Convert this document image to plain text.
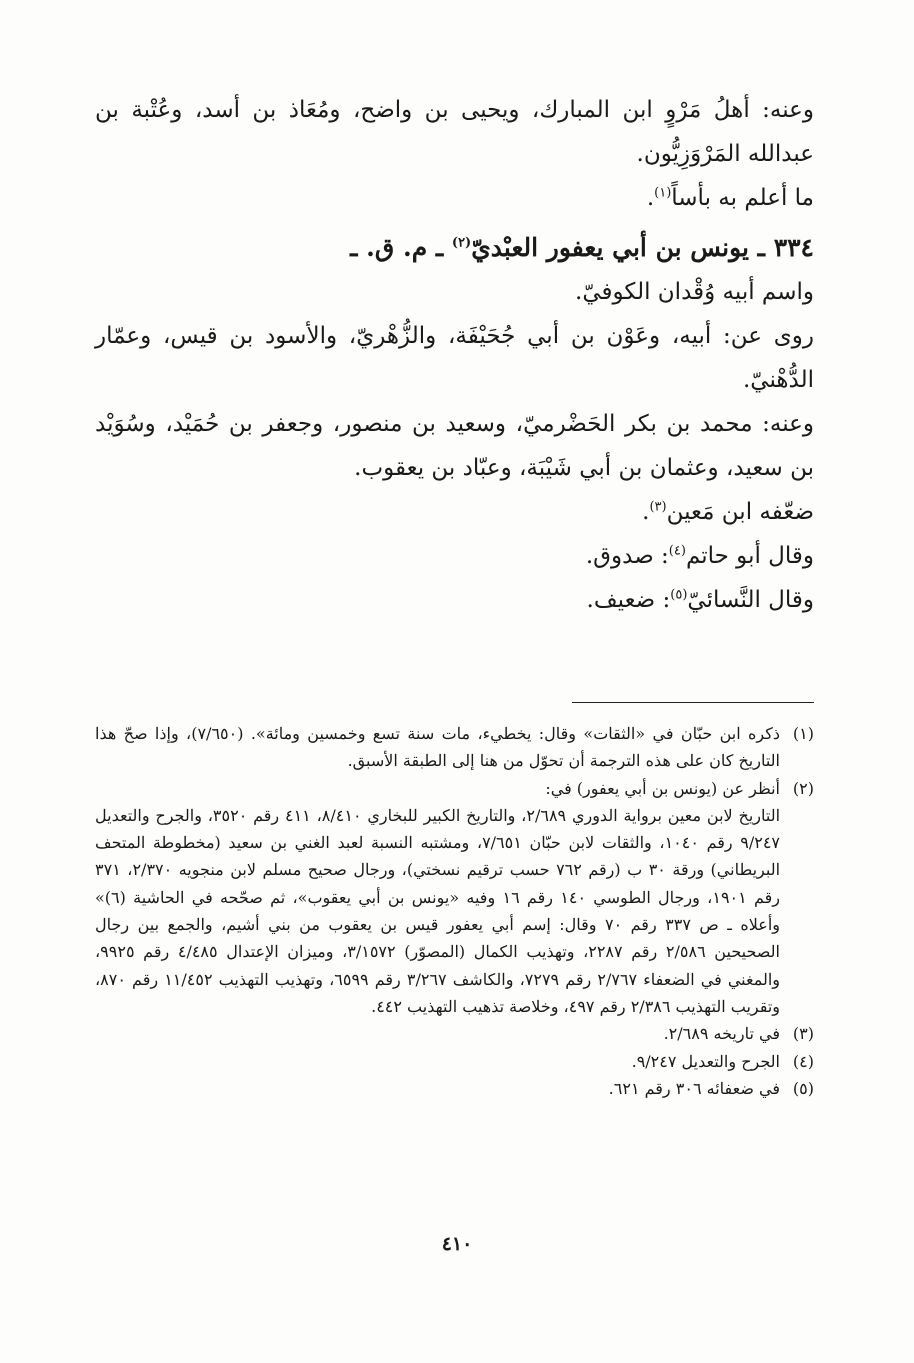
وعنه: أهلُ مَرْوٍ ابن المبارك، ويحيى بن واضح، ومُعَاذ بن أسد، وعُتْبة بن عبدالله المَرْوَزِيُّون.

ما أعلم به بأساً$^{(١)}$.

٣٣٤ ـ يونس بن أبي يعفور العبْديّ$^{(٢)}$ ـ م. ق. ـ

واسم أبيه وُقْدان الكوفيّ.

روى عن: أبيه، وعَوْن بن أبي جُحَيْفَة، والزُّهْريّ، والأسود بن قيس، وعمّار الدُّهْنيّ.

وعنه: محمد بن بكر الحَضْرميّ، وسعيد بن منصور، وجعفر بن حُمَيْد، وسُوَيْد بن سعيد، وعثمان بن أبي شَيْبَة، وعبّاد بن يعقوب.

ضعّفه ابن مَعين$^{(٣)}$.

وقال أبو حاتم$^{(٤)}$: صدوق.

وقال النَّسائيّ$^{(٥)}$: ضعيف.

(١)
ذكره ابن حبّان في «الثقات» وقال: يخطيء، مات سنة تسع وخمسين ومائة». (٧/٦٥٠)، وإذا صحّ هذا التاريخ كان على هذه الترجمة أن تحوّل من هنا إلى الطبقة الأسبق.

(٢)
أنظر عن (يونس بن أبي يعفور) في:

التاريخ لابن معين برواية الدوري ٢/٦٨٩، والتاريخ الكبير للبخاري ٨/٤١٠، ٤١١ رقم ٣٥٢٠، والجرح والتعديل ٩/٢٤٧ رقم ١٠٤٠، والثقات لابن حبّان ٧/٦٥١، ومشتبه النسبة لعبد الغني بن سعيد (مخطوطة المتحف البريطاني) ورقة ٣٠ ب (رقم ٧٦٢ حسب ترقيم نسختي)، ورجال صحيح مسلم لابن منجويه ٢/٣٧٠، ٣٧١ رقم ١٩٠١، ورجال الطوسي ١٤٠ رقم ١٦ وفيه «يونس بن أبي يعقوب»، ثم صحّحه في الحاشية (٦)» وأعلاه ـ ص ٣٣٧ رقم ٧٠ وقال: إسم أبي يعفور قيس بن يعقوب من بني أشيم، والجمع بين رجال الصحيحين ٢/٥٨٦ رقم ٢٢٨٧، وتهذيب الكمال (المصوّر) ٣/١٥٧٢، وميزان الإعتدال ٤/٤٨٥ رقم ٩٩٢٥، والمغني في الضعفاء ٢/٧٦٧ رقم ٧٢٧٩، والكاشف ٣/٢٦٧ رقم ٦٥٩٩، وتهذيب التهذيب ١١/٤٥٢ رقم ٨٧٠، وتقريب التهذيب ٢/٣٨٦ رقم ٤٩٧، وخلاصة تذهيب التهذيب ٤٤٢.

(٣)
في تاريخه ٢/٦٨٩.

(٤)
الجرح والتعديل ٩/٢٤٧.

(٥)
في ضعفائه ٣٠٦ رقم ٦٢١.

٤١٠
